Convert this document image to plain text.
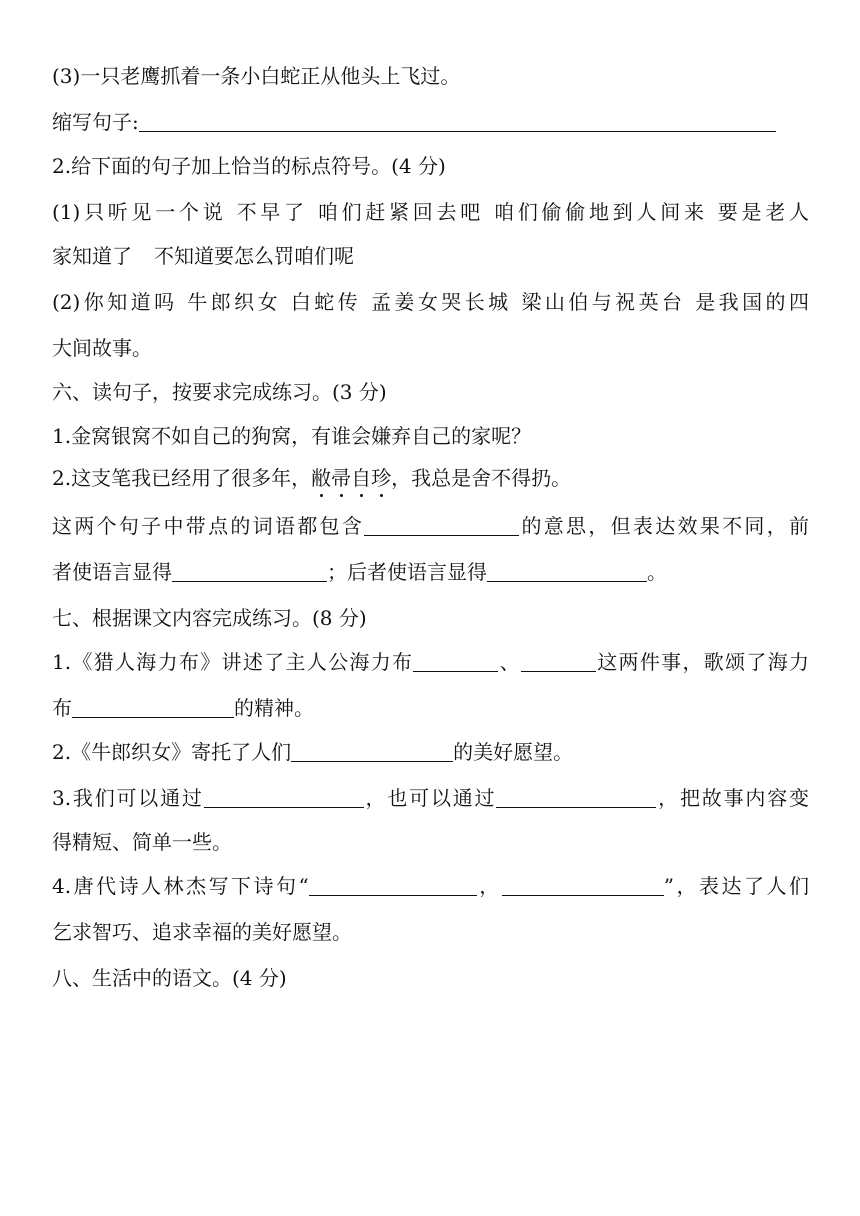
(3)一只老鹰抓着一条小白蛇正从他头上飞过。
缩写句子:
2.给下面的句子加上恰当的标点符号。(4 分)
(1)只听见一个说 不早了 咱们赶紧回去吧 咱们偷偷地到人间来 要是老人
家知道了 不知道要怎么罚咱们呢
(2)你知道吗 牛郎织女 白蛇传 孟姜女哭长城 梁山伯与祝英台 是我国的四
大间故事。
六、读句子，按要求完成练习。(3 分)
1.金窝银窝不如自己的狗窝，有谁会嫌弃自己的家呢？
2.这支笔我已经用了很多年，敝帚自珍，我总是舍不得扔。
这两个句子中带点的词语都包含	的意思，但表达效果不同，前
者使语言显得	；后者使语言显得	。
七、根据课文内容完成练习。(8 分)
1.《猎人海力布》讲述了主人公海力布	、	这两件事，歌颂了海力
布	的精神。
2.《牛郎织女》寄托了人们	的美好愿望。
3.我们可以通过	，也可以通过	，把故事内容变
得精短、简单一些。
4.唐代诗人林杰写下诗句“	，	”，表达了人们
乞求智巧、追求幸福的美好愿望。
八、生活中的语文。(4 分)
